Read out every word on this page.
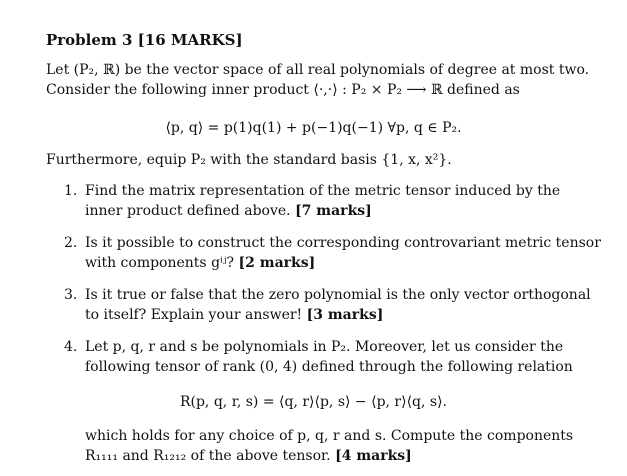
Problem 3 [16 MARKS]
Let (P₂, ℝ) be the vector space of all real polynomials of degree at most two.
Consider the following inner product ⟨·,·⟩ : P₂ × P₂ ⟶ ℝ defined as
⟨p, q⟩ = p(1)q(1) + p(−1)q(−1) ∀p, q ∈ P₂.
Furthermore, equip P₂ with the standard basis {1, x, x²}.
1. Find the matrix representation of the metric tensor induced by the
inner product defined above. [7 marks]
2. Is it possible to construct the corresponding controvariant metric tensor
with components gⁱʲ? [2 marks]
3. Is it true or false that the zero polynomial is the only vector orthogonal
to itself? Explain your answer! [3 marks]
4. Let p, q, r and s be polynomials in P₂. Moreover, let us consider the
following tensor of rank (0, 4) defined through the following relation
R(p, q, r, s) = ⟨q, r⟩⟨p, s⟩ − ⟨p, r⟩⟨q, s⟩.
which holds for any choice of p, q, r and s. Compute the components
R₁₁₁₁ and R₁₂₁₂ of the above tensor. [4 marks]
